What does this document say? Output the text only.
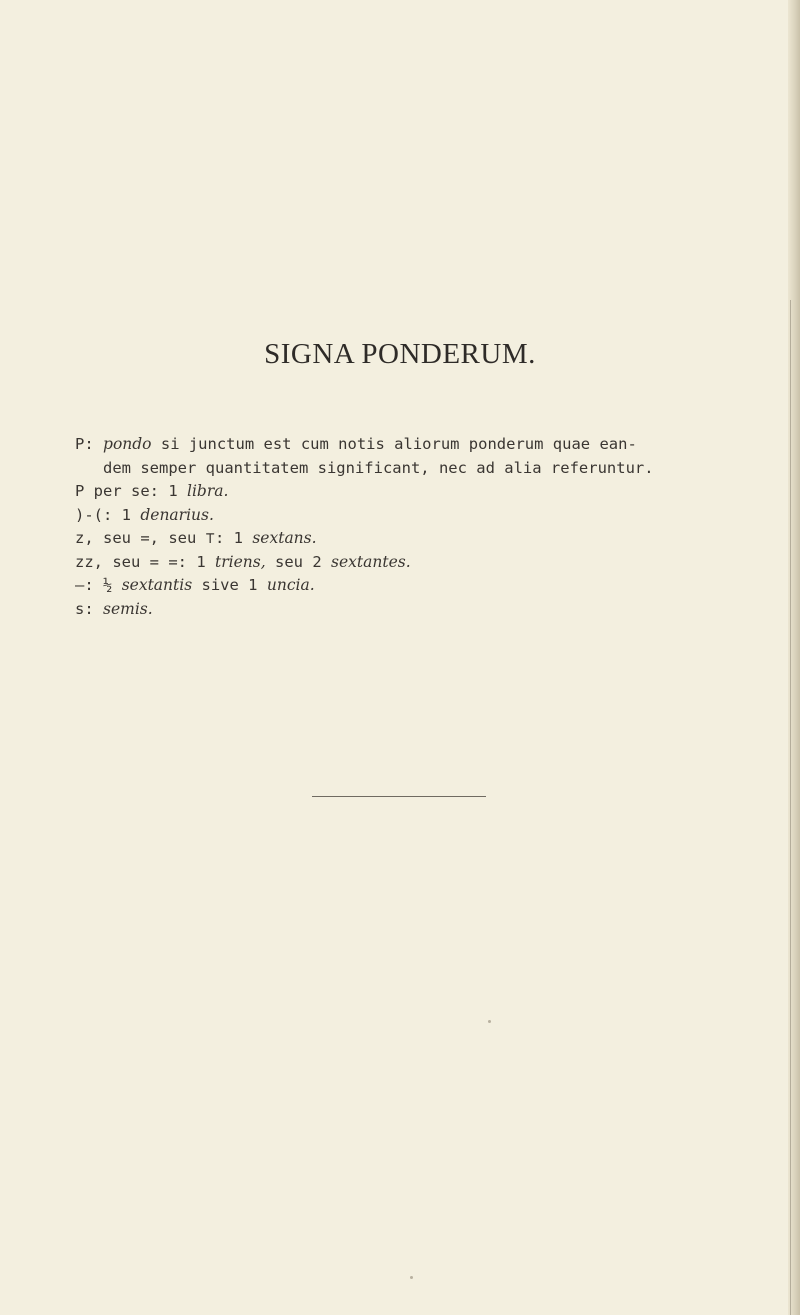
SIGNA PONDERUM.
P: pondo si junctum est cum notis aliorum ponderum quae ean-
dem semper quantitatem significant, nec ad alia referuntur.
P per se: 1 libra.
)-(: 1 denarius.
z, seu =, seu ⊤: 1 sextans.
zz, seu = =: 1 triens, seu 2 sextantes.
—: ½ sextantis sive 1 uncia.
s: semis.
